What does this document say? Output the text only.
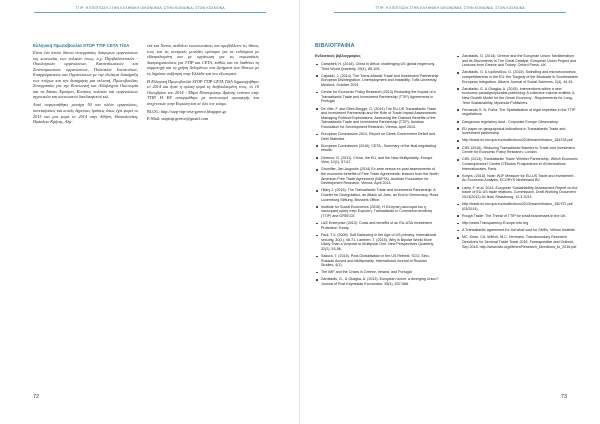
ΤΤΙΡ: Η ΕΠΙΠΤΩΣΗ ΣΤΗΝ ΕΛΛΗΝΙΚΗ ΟΙΚΟΝΟΜΙΑ, ΣΤΗΝ ΚΟΙΝΩΝΙΑ, ΣΤΟΝ ΚΟΣΜΟΝΑ
Ελληνική Πρωτοβουλία STOP TTIP CETA TiSA

Είναι ένα άτυπο δίκτυο συνεργασίας διάφορων οργανώσεων της κοινωνίας των πολιτών όπως, π.χ. Περιβαλλοντικών - Οικολογικών οργανώσεων, Καταναλωτικών και Συνεταιριστικών οργανώσεων, Πολιτικών Ινστιτούτων, Επαγγελματικών και Οργανώσεων με την ιδιότητα διακήρυξη των στόχων και την διατηρηση μια εκλιοπή, Πρωτοβουλίας Συνεργασίας για την Κοινωνική και Αλληλέγγυα Οικονομία και τα Δίκαιο Εμπόριο, Κινήσεις πολιτών και οργανώσεων αγροτικών και κοινωνικού διεκδικητικού κτλ.

Αυτό συγκροτήθηκε μονάχα 50 και πλέον οργανώσεις, συνεταίρισεις και κοινές δημόσιες δράσεις όπως έχει φορεί το 2015 και μια φορά το 2014 στην Αθήνα, Θεσσαλονίκη, Ηράκλειο Κρήτης, Αλμ-

ετά και Χανιά, αυθόλου ενωσεωνάκεις και προβάλλουν τις θέσεις τους και τις κεντρικές μονάδες ορίστηκε για τα ενδιάμεσα με εξάσφαλισμένη και με οργάνωση για τις ευρωπαϊκές διαπραγματεύσεις για TTIP και CETA, καθώς και να διαθέσει τη συμμετοχή και τη χρήση δεδομένων στα ζητήματα των θέσεων με τη δημόσια συζήτηση στην Ελλάδα και στο εξωτερικό.

Η Ελληνική Πρωτοβουλία STOP TTIP CETA TiSA δημιουργήθηκε το 2014 και ήταν η πρώτη φορά τη διαβουλευμένη τους, το 10 Οκτωβρίου του 2014 - Μέρα Πανευρώπης Δράσης ενάντια στην TTIP. Η ΕΕ συναρμόθηκε με συντονισμό προσφυγής και ανιχνευτών στην Ευρώπη και σε όλο τον κόσμο.

BLOG: http://stop-ttip-ceta-greece.blogspot.gr

E-Mail: stopttip.greece@gmail.com

72
ΤΤΙΡ: Η ΕΠΙΠΤΩΣΗ ΣΤΗΝ ΕΛΛΗΝΙΚΗ ΟΙΚΟΝΟΜΙΑ, ΣΤΗΝ ΚΟΙΝΩΝΙΑ, ΣΤΟΝ ΚΟΣΜΟΝΑ
ΒΙΒΛΙΟΓΡΑΦΙΑ
Ενδεικτικές βιβλιογραφίες
Campbell, H. (2016). China in Africa: challenging US global hegemony. Third World Quarterly, 29(1), 89-105.
Capaldo, J. (2014). The Trans-Atlantic Trade and Investment Partnership: European Disintegration, Unemployment and Instability. Tufts University, Medford, October 2014
Centre for Economic Policy Research (2013) Reducting the Impact of a Transatlantic Trade and Investment Partnership (TTIP) Agreements in Portugal
De Ville, F. and Siles-Brugge, G. (2014) The EU-US Transatlantic Trade and Investment Partnership and the Role of Trade Impact Assessments: Managing Political Expectations, Assessing the Claimed Benefits of the Transatlantic Trade and Investment Partnership (TTIP), Austrian Foundation for Development Research, Vienna, April 2014.
European Commission 2014, Report on Greek Government Deficit and Debt Statistics
European Commission (2016), CETA - Summary of the final negotiating results.
Gereros, G. (2011). China, the EU, and the New Multipolarity. Europe View, 10(1), 57-67.
Grumiller, Jan-Augustin (2014) Ex-ante versus ex-post assessments of the economic benefits of Free Trade Agreements: lessons from the North American Free Trade Agreement (NAFTA), Austrian Foundation for Development Research, Vienna, April 2014.
Hilary J. (2015). The Transatlantic Trade and Investment Partnership: A Charter for Deregulation, an Attack on Jobs, an End to Democracy. Rosa Luxemburg Stiftung, Brussels Office.
Institute for Social Economics (2015), H Ελληνική οικονομία και η οικονομική κρίση στην Ευρώπη: Transatlantic in Commerce-σύνθεση (TTIP) and GREECE
L&E Enterprise (2013). Costs and benefits of an EU-USA Investment Protection Treaty.
Paul, T.V. (2005). Soft Balancing in the Age of US primacy. International security, 30(1), 46-71. Lambert, T. (2015). Why is Bipolar World More Likely Than a Unipolar or Multipolar One. New Perspectives Quarterly, 32(2), 53-56.
Sakura, T. (2015). Post-Globalisation in the US Retreat, SCO, Sino-Russian Accord and Multipolarity. International Journal of Russian Studies, 4(1).
The IMF and the Crises in Greece, Ireland, and Portugal
Zarotiadis, G., & Gkagka, A. (2013). European Union: a diverging Union? Journal of Post Keynesian Economics, 35(4), 537-568.
Zarotiadis, G. (2014). Greece and the European Union: Neoliberalism and its Discontents In The Great Catalyst. European Union Project and Lessons from Greece and Turkey. Oxford Press, UK.
Zarotiadis, G. & Ιορδανίδου, G. (2015). Swindling and microeconomics competitiveness in the EU: the Tragedy of the Blockade in Southeastern European Integration. Athens Journal of Social Sciences, 2(4), 44-51.
Zarotiadis, G. & Gkagka, A. (2015). Interventions within a new economic paradigm/pluralist publishing. A collective volume entitled: A New Growth Model for the Greek Economy - Requirements for Long-Term Sustainability. Mpumula Publishers.
Fernanda G. N. Folha. The Spatialisation of legal expertise in the TTIP negotiations.
Dangerous regulatory dust - Corporate Europe Observatory.
EU paper on geographical indications in Transatlantic Trade and Investment partnership.
http://trade.ec.europa.eu/doclib/docs/2016/march/tradoc_154378.pdf
CIEL (2016). Reducing Transatlantic Barriers to Trade and Investment. Centre for Economic Policy Research, London.
CIEL (2013). Transatlantic Trade: Whither Partnership, Which Economic Consequences? Centre D'Études Prospectives et d'Informations Internationales, Paris.
Kotyra, (2016). Note: WJF Measure for EU-US Trade and Investment - An Economic Analysis, ECORYS Netherland BV
Lamy, F. et al. 2014. European Sustainability Assessment Report on the future of EU-US trade relations. Commission, Draft Working Document 2013(2012) 64 final, Strasbourg, 12.3.2013.
http://trade.ec.europa.eu/doclib/docs/2013/march/tradoc_150737.pdf (03/2014).
Rough Trade: The Threat of TTIP for small businesses in the UK.
http://www.Transparency-Europe-info.org
A Transatlantic agreement for but what cost for SMEs, Vellum Institute.
MC. Kean, CA. Wilrich, M.C. Hermann, Transboundary Research Directions for Sectoral Trade Trade 2016. Farmapositive and Outlook, Sep 2016. http://www.wto.org/Mmex/Research_Directions_to_2016.pdf
73
